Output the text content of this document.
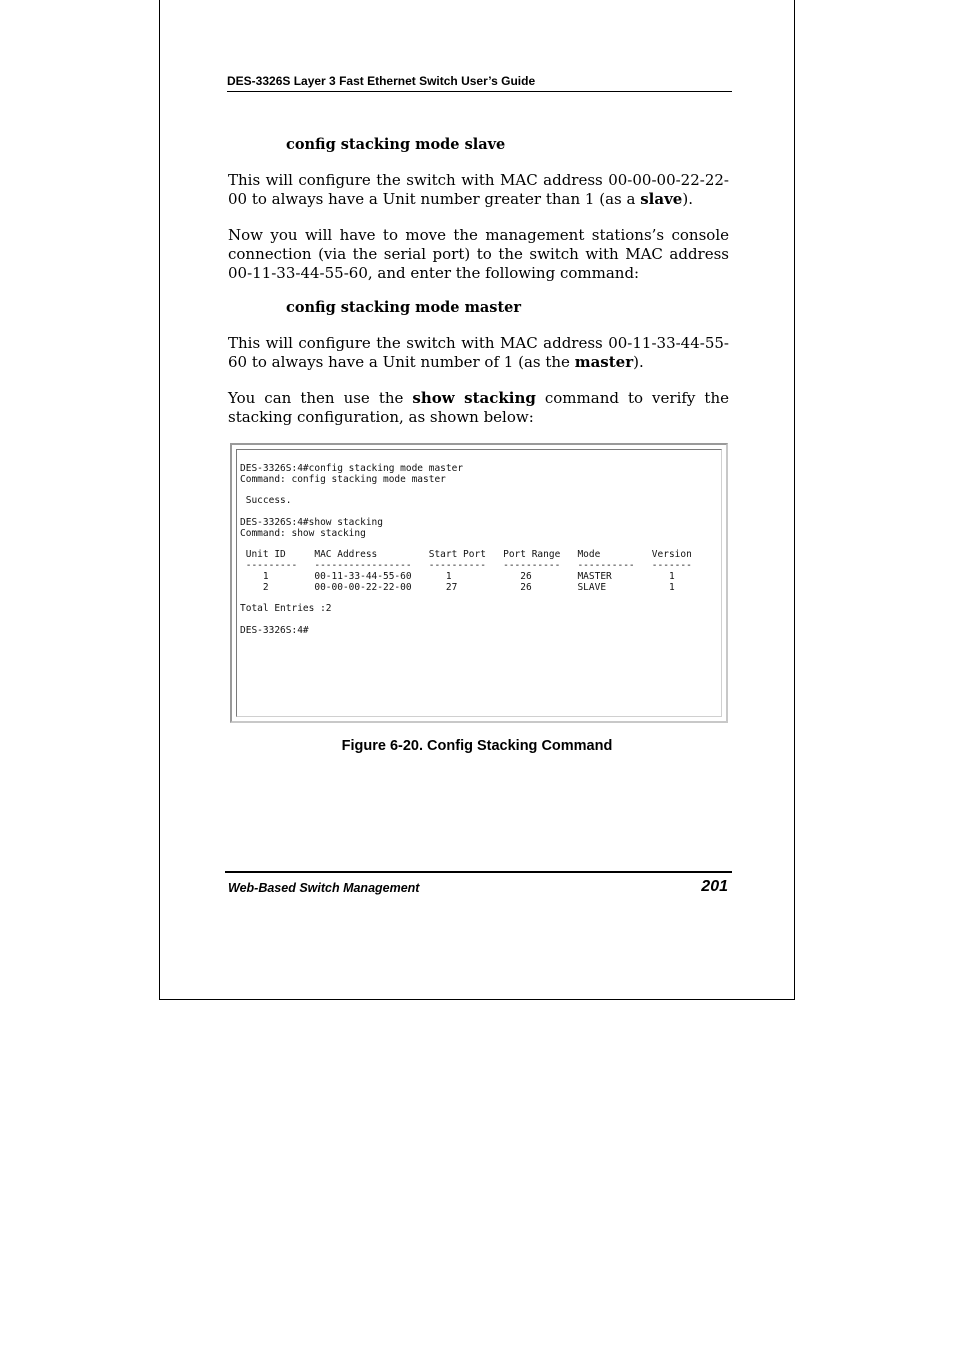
DES-3326S Layer 3 Fast Ethernet Switch User’s Guide
config stacking mode slave

This will configure the switch with MAC address 00-00-00-22-22-00 to always have a Unit number greater than 1 (as a slave).

Now you will have to move the management stations’s console connection (via the serial port) to the switch with MAC address 00-11-33-44-55-60, and enter the following command:

config stacking mode master

This will configure the switch with MAC address 00-11-33-44-55-60 to always have a Unit number of 1 (as the master).

You can then use the show stacking command to verify the stacking configuration, as shown below:

DES-3326S:4#config stacking mode master
Command: config stacking mode master

Success.

DES-3326S:4#show stacking
Command: show stacking

Unit ID     MAC Address         Start Port   Port Range   Mode         Version
---------   -----------------   ----------   ----------   ----------   -------
1        00-11-33-44-55-60      1            26        MASTER          1
2        00-00-00-22-22-00      27           26        SLAVE           1

Total Entries :2

DES-3326S:4#
Figure 6-20. Config Stacking Command
Web-Based Switch Management	201
